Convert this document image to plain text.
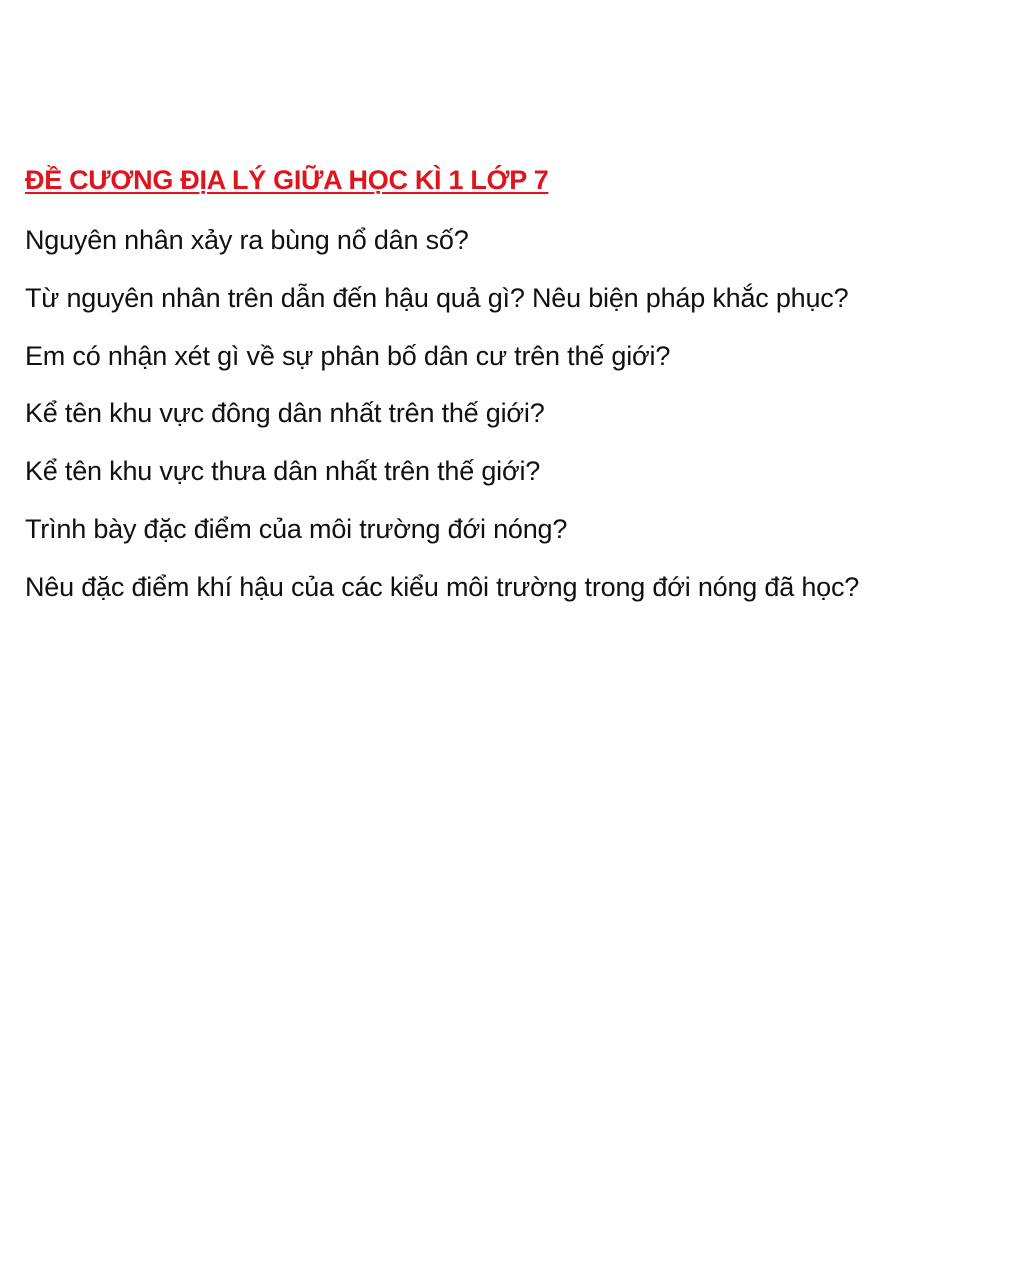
ĐỀ CƯƠNG ĐỊA LÝ GIỮA HỌC KÌ 1 LỚP 7

Nguyên nhân xảy ra bùng nổ dân số?

Từ nguyên nhân trên dẫn đến hậu quả gì? Nêu biện pháp khắc phục?

Em có nhận xét gì về sự phân bố dân cư trên thế giới?

Kể tên khu vực đông dân nhất trên thế giới?

Kể tên khu vực thưa dân nhất trên thế giới?

Trình bày đặc điểm của môi trường đới nóng?

Nêu đặc điểm khí hậu của các kiểu môi trường trong đới nóng đã học?
